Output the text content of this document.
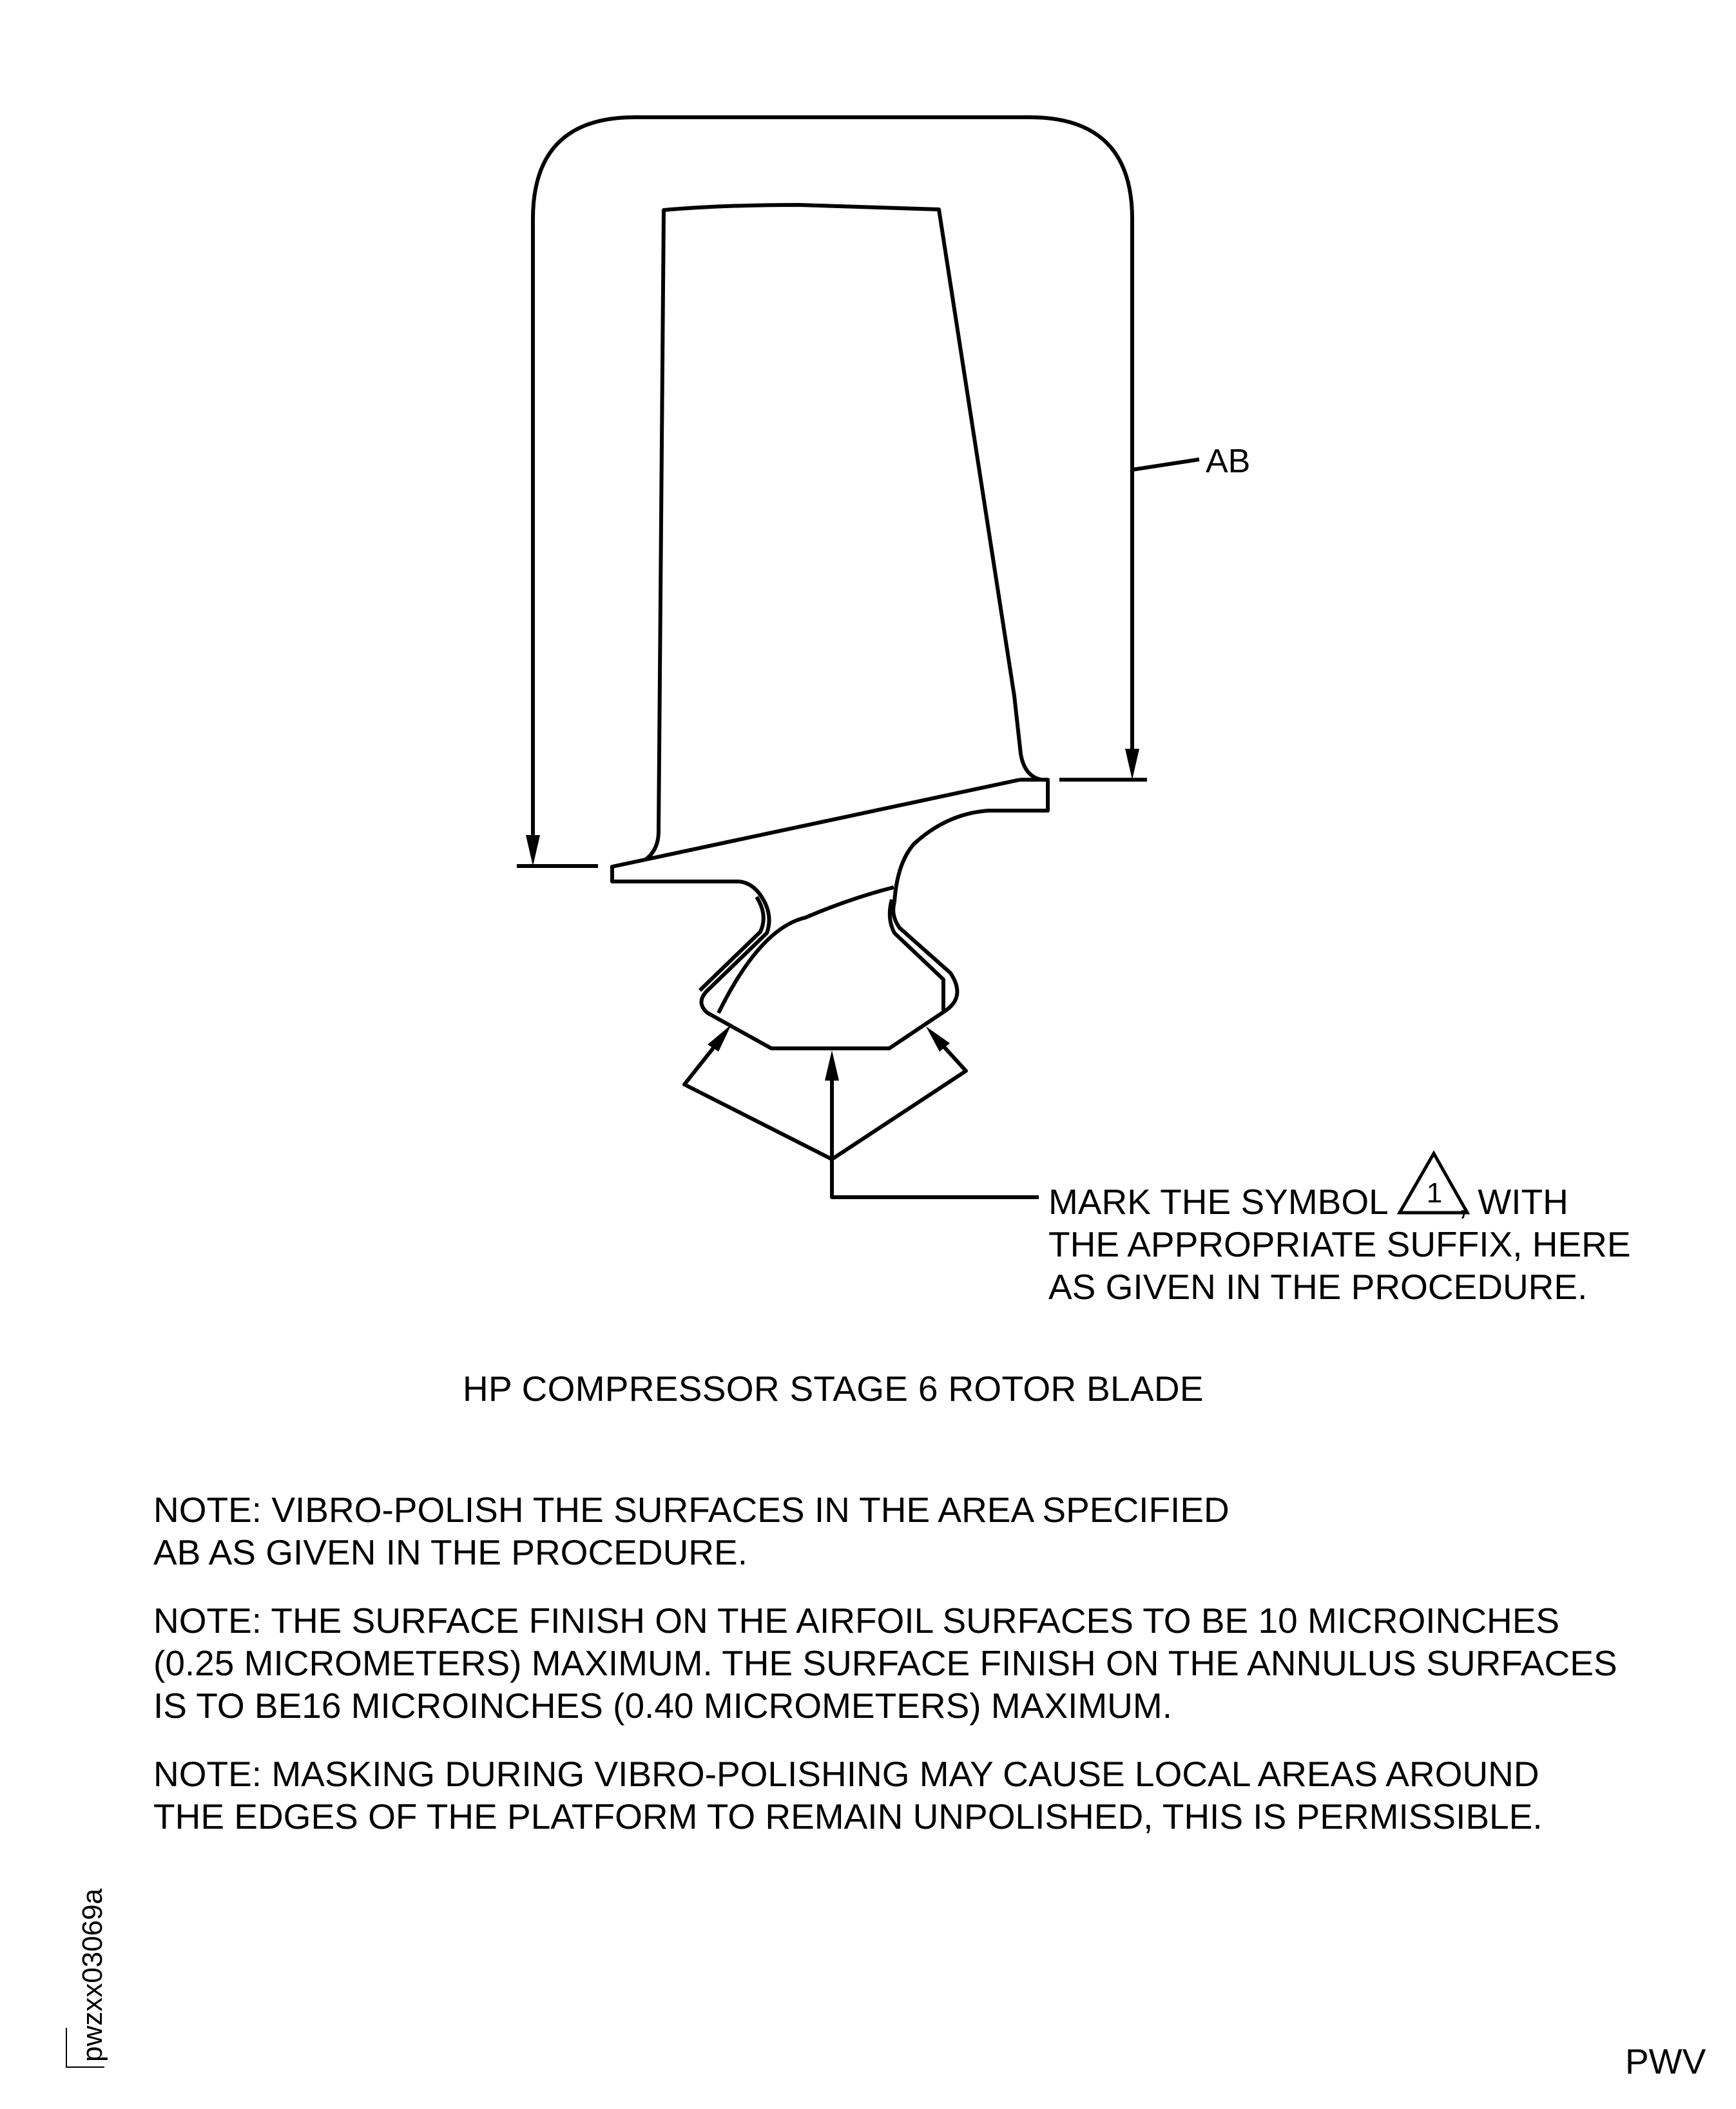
1
AB
MARK THE SYMBOL , WITH
THE APPROPRIATE SUFFIX, HERE
AS GIVEN IN THE PROCEDURE.
HP COMPRESSOR STAGE 6 ROTOR BLADE
NOTE: VIBRO-POLISH THE SURFACES IN THE AREA SPECIFIED
AB AS GIVEN IN THE PROCEDURE.
NOTE: THE SURFACE FINISH ON THE AIRFOIL SURFACES TO BE 10 MICROINCHES
(0.25 MICROMETERS) MAXIMUM. THE SURFACE FINISH ON THE ANNULUS SURFACES
IS TO BE16 MICROINCHES (0.40 MICROMETERS) MAXIMUM.
NOTE: MASKING DURING VIBRO-POLISHING MAY CAUSE LOCAL AREAS AROUND
THE EDGES OF THE PLATFORM TO REMAIN UNPOLISHED, THIS IS PERMISSIBLE.
pwzxx03069a	PWV
